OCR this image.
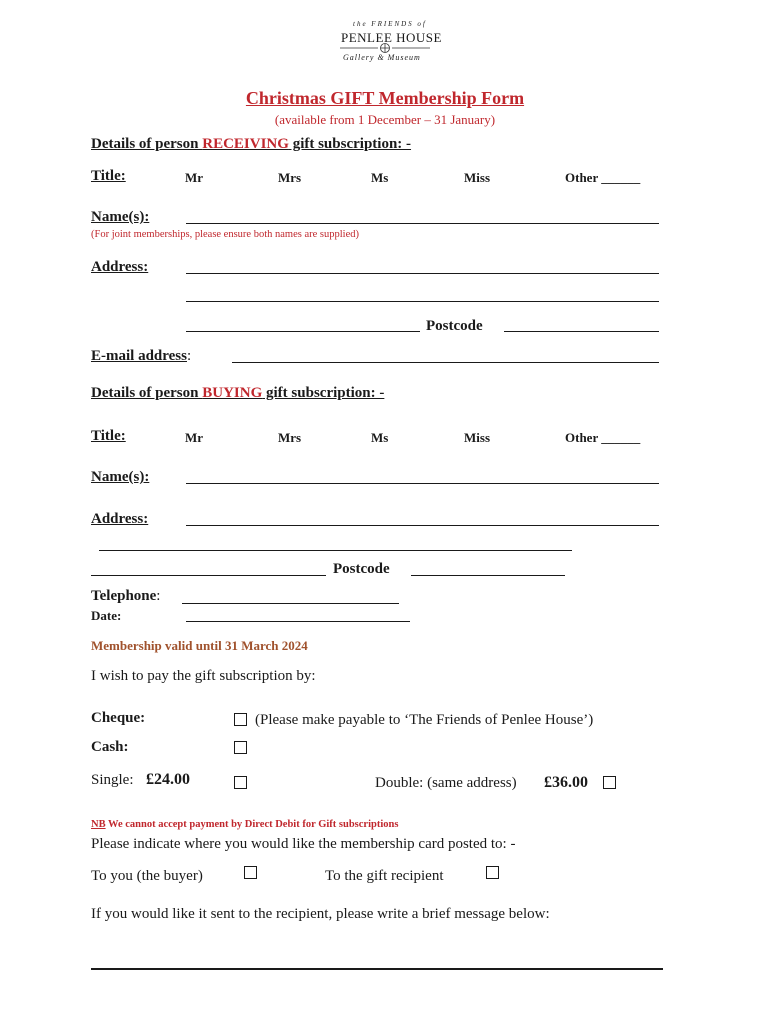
the FRIENDS of
PENLEE HOUSE
Gallery & Museum
Christmas GIFT Membership Form
(available from 1 December – 31 January)
Details of person RECEIVING gift subscription: -
Title:	Mr	Mrs	Ms	Miss	Other ______
Name(s):
(For joint memberships, please ensure both names are supplied)
Address:
Postcode
E-mail address:
Details of person BUYING gift subscription: -
Title:	Mr	Mrs	Ms	Miss	Other ______
Name(s):
Address:
Postcode
Telephone:
Date:
Membership valid until 31 March 2024
I wish to pay the gift subscription by:
Cheque:	(Please make payable to ‘The Friends of Penlee House’)
Cash:
Single: £24.00	Double: (same address) £36.00
NB We cannot accept payment by Direct Debit for Gift subscriptions
Please indicate where you would like the membership card posted to: -
To you (the buyer)	To the gift recipient
If you would like it sent to the recipient, please write a brief message below:
